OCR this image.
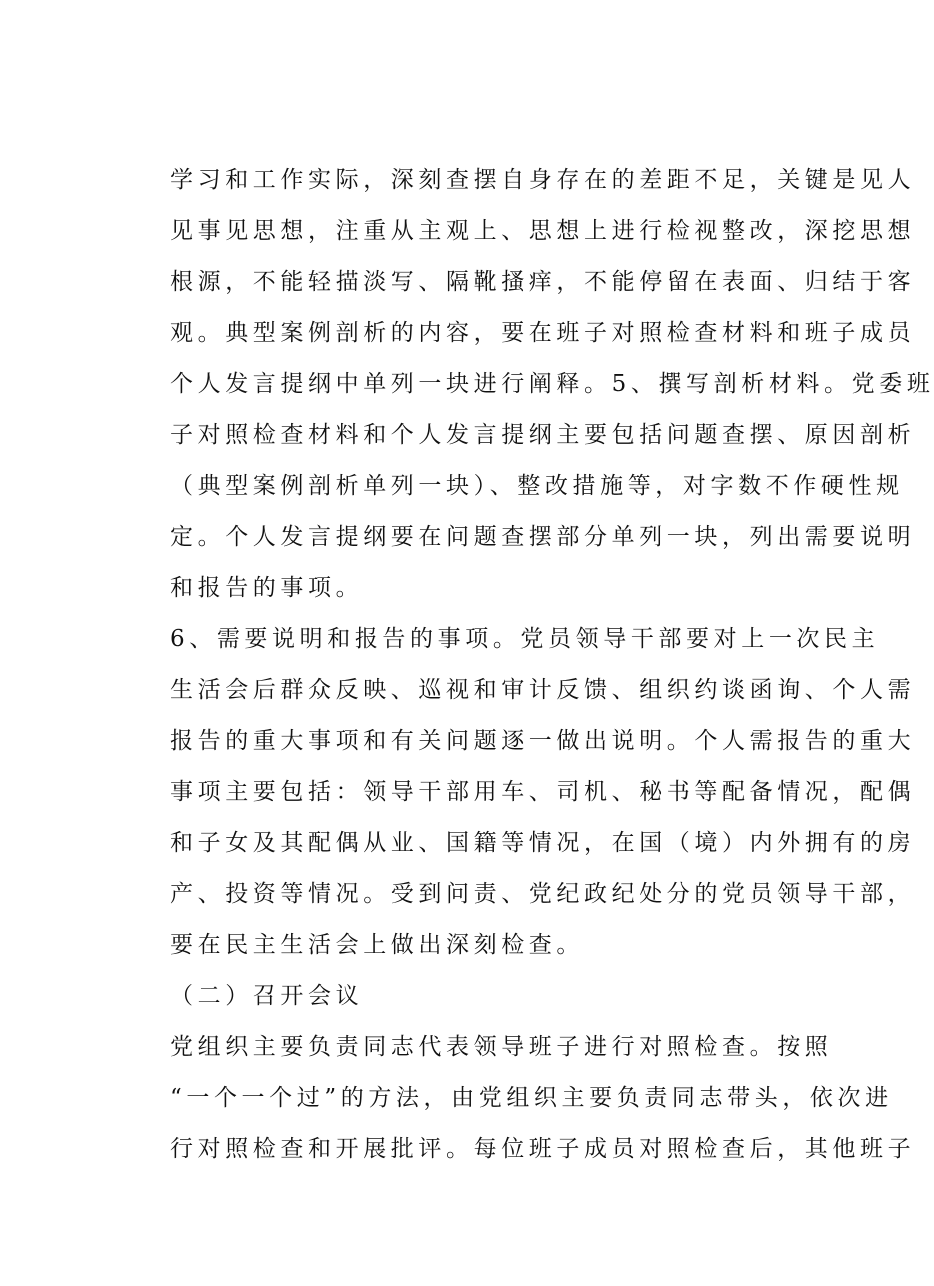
学习和工作实际，深刻查摆自身存在的差距不足，关键是见人
见事见思想，注重从主观上、思想上进行检视整改，深挖思想
根源，不能轻描淡写、隔靴搔痒，不能停留在表面、归结于客
观。典型案例剖析的内容，要在班子对照检查材料和班子成员
个人发言提纲中单列一块进行阐释。5、撰写剖析材料。党委班
子对照检查材料和个人发言提纲主要包括问题查摆、原因剖析
（典型案例剖析单列一块）、整改措施等，对字数不作硬性规
定。个人发言提纲要在问题查摆部分单列一块，列出需要说明
和报告的事项。
6、需要说明和报告的事项。党员领导干部要对上一次民主
生活会后群众反映、巡视和审计反馈、组织约谈函询、个人需
报告的重大事项和有关问题逐一做出说明。个人需报告的重大
事项主要包括：领导干部用车、司机、秘书等配备情况，配偶
和子女及其配偶从业、国籍等情况，在国（境）内外拥有的房
产、投资等情况。受到问责、党纪政纪处分的党员领导干部，
要在民主生活会上做出深刻检查。
（二）召开会议
党组织主要负责同志代表领导班子进行对照检查。按照
“一个一个过”的方法，由党组织主要负责同志带头，依次进
行对照检查和开展批评。每位班子成员对照检查后，其他班子
